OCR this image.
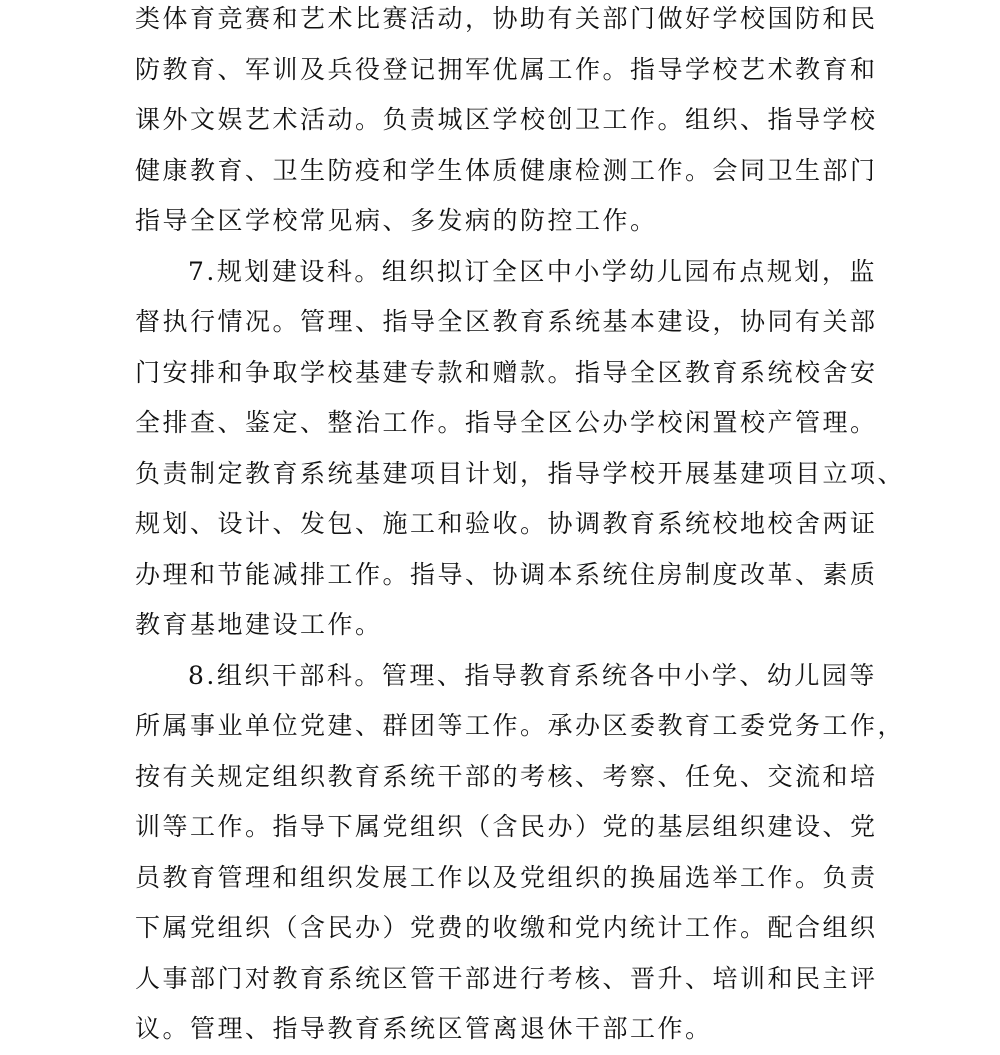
类体育竞赛和艺术比赛活动，协助有关部门做好学校国防和民
防教育、军训及兵役登记拥军优属工作。指导学校艺术教育和
课外文娱艺术活动。负责城区学校创卫工作。组织、指导学校
健康教育、卫生防疫和学生体质健康检测工作。会同卫生部门
指导全区学校常见病、多发病的防控工作。
7.规划建设科。组织拟订全区中小学幼儿园布点规划，监
督执行情况。管理、指导全区教育系统基本建设，协同有关部
门安排和争取学校基建专款和赠款。指导全区教育系统校舍安
全排查、鉴定、整治工作。指导全区公办学校闲置校产管理。
负责制定教育系统基建项目计划，指导学校开展基建项目立项、
规划、设计、发包、施工和验收。协调教育系统校地校舍两证
办理和节能减排工作。指导、协调本系统住房制度改革、素质
教育基地建设工作。
8.组织干部科。管理、指导教育系统各中小学、幼儿园等
所属事业单位党建、群团等工作。承办区委教育工委党务工作，
按有关规定组织教育系统干部的考核、考察、任免、交流和培
训等工作。指导下属党组织（含民办）党的基层组织建设、党
员教育管理和组织发展工作以及党组织的换届选举工作。负责
下属党组织（含民办）党费的收缴和党内统计工作。配合组织
人事部门对教育系统区管干部进行考核、晋升、培训和民主评
议。管理、指导教育系统区管离退休干部工作。
